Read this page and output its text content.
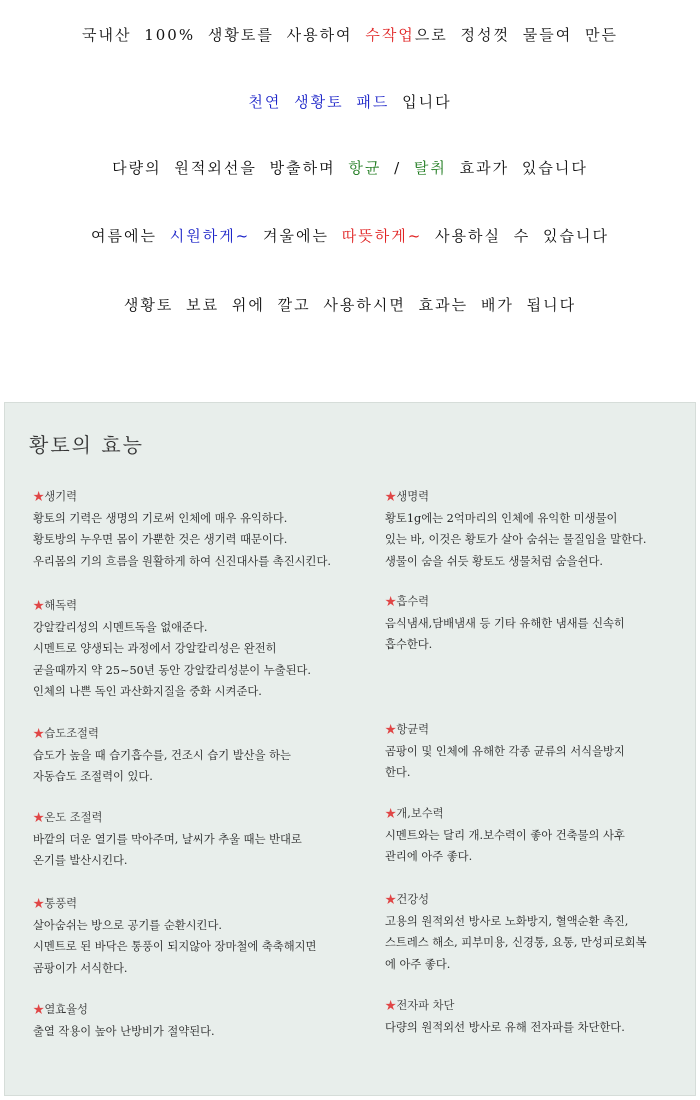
국내산 100% 생황토를 사용하여 수작업으로 정성껏 물들여 만든
천연 생황토 패드 입니다
다량의 원적외선을 방출하며 항균 / 탈취 효과가 있습니다
여름에는 시원하게~ 겨울에는 따뜻하게~ 사용하실 수 있습니다
생황토 보료 위에 깔고 사용하시면 효과는 배가 됩니다
황토의 효능
★생기력
황토의 기력은 생명의 기로써 인체에 매우 유익하다.
황토방의 누우면 몸이 가뿐한 것은 생기력 때문이다.
우리몸의 기의 흐름을 원활하게 하여 신진대사를 촉진시킨다.
★해독력
강알칼리성의 시멘트독을 없애준다.
시멘트로 양생되는 과정에서 강알칼리성은 완전히
굳을때까지 약 25~50년 동안 강알칼리성분이 누출된다.
인체의 나쁜 독인 과산화지질을 중화 시켜준다.
★습도조절력
습도가 높을 때 습기흡수를, 건조시 습기 발산을 하는
자동습도 조절력이 있다.
★온도 조절력
바깥의 더운 열기를 막아주며, 날씨가 추울 때는 반대로
온기를 발산시킨다.
★통풍력
살아숨쉬는 방으로 공기를 순환시킨다.
시멘트로 된 바닥은 통풍이 되지않아 장마철에 축축해지면
곰팡이가 서식한다.
★열효율성
출열 작용이 높아 난방비가 절약된다.
★생명력
황토1g에는 2억마리의 인체에 유익한 미생물이
있는 바, 이것은 황토가 살아 숨쉬는 물질임을 말한다.
생물이 숨을 쉬듯 황토도 생물처럼 숨을쉰다.
★흡수력
음식냄새,담배냄새 등 기타 유해한 냄새를 신속히
흡수한다.
★항균력
곰팡이 및 인체에 유해한 각종 균류의 서식을방지
한다.
★개,보수력
시멘트와는 달리 개.보수력이 좋아 건축물의 사후
관리에 아주 좋다.
★건강성
고용의 원적외선 방사로 노화방지, 혈액순환 촉진,
스트레스 해소, 피부미용, 신경통, 요통, 만성피로회복
에 아주 좋다.
★전자파 차단
다량의 원적외선 방사로 유해 전자파를 차단한다.
